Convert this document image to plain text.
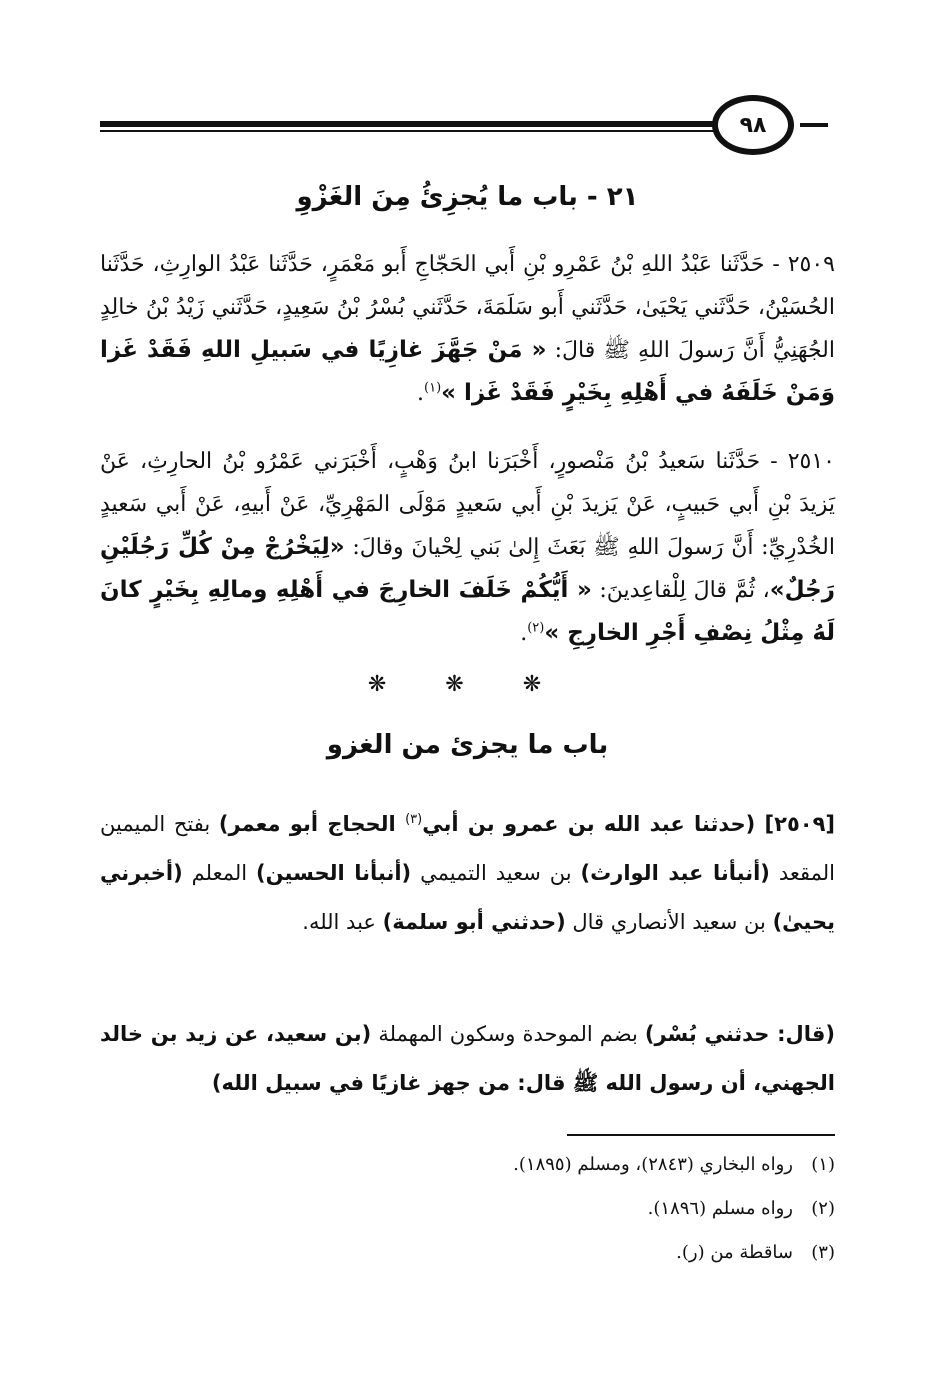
٩٨
٢١ - باب ما يُجزِئُ مِنَ الغَزْوِ
٢٥٠٩ - حَدَّثَنا عَبْدُ اللهِ بْنُ عَمْرِو بْنِ أَبي الحَجّاجِ أَبو مَعْمَرٍ، حَدَّثَنا عَبْدُ الوارِثِ، حَدَّثَنا الحُسَيْنُ، حَدَّثَني يَحْيَىٰ، حَدَّثَني أَبو سَلَمَةَ، حَدَّثَني بُسْرُ بْنُ سَعِيدٍ، حَدَّثَني زَيْدُ بْنُ خالِدٍ الجُهَنِيُّ أَنَّ رَسولَ اللهِ ﷺ قالَ: « مَنْ جَهَّزَ غازِيًا في سَبيلِ اللهِ فَقَدْ غَزا وَمَنْ خَلَفَهُ في أَهْلِهِ بِخَيْرٍ فَقَدْ غَزا »$^{(١)}$.
٢٥١٠ - حَدَّثَنا سَعيدُ بْنُ مَنْصورٍ، أَخْبَرَنا ابنُ وَهْبٍ، أَخْبَرَني عَمْرُو بْنُ الحارِثِ، عَنْ يَزيدَ بْنِ أَبي حَبيبٍ، عَنْ يَزيدَ بْنِ أَبي سَعيدٍ مَوْلَى المَهْرِيِّ، عَنْ أَبيهِ، عَنْ أَبي سَعيدٍ الخُدْرِيِّ: أَنَّ رَسولَ اللهِ ﷺ بَعَثَ إِلىٰ بَني لِحْيانَ وقالَ: «لِيَخْرُجْ مِنْ كُلِّ رَجُلَيْنِ رَجُلٌ»، ثُمَّ قالَ لِلْقاعِدينَ: « أَيُّكُمْ خَلَفَ الخارِجَ في أَهْلِهِ ومالِهِ بِخَيْرٍ كانَ لَهُ مِثْلُ نِصْفِ أَجْرِ الخارِجِ »$^{(٢)}$.
❋ ❋ ❋
باب ما يجزئ من الغزو
[٢٥٠٩] (حدثنا عبد الله بن عمرو بن أبي$^{(٣)}$ الحجاج أبو معمر) بفتح الميمين المقعد (أنبأنا عبد الوارث) بن سعيد التميمي (أنبأنا الحسين) المعلم (أخبرني يحيىٰ) بن سعيد الأنصاري قال (حدثني أبو سلمة) عبد الله.
(قال: حدثني بُسْر) بضم الموحدة وسكون المهملة (بن سعيد، عن زيد بن خالد الجهني، أن رسول الله ﷺ قال: من جهز غازيًا في سبيل الله)
(١)رواه البخاري (٢٨٤٣)، ومسلم (١٨٩٥).
(٢)رواه مسلم (١٨٩٦).
(٣)ساقطة من (ر).
